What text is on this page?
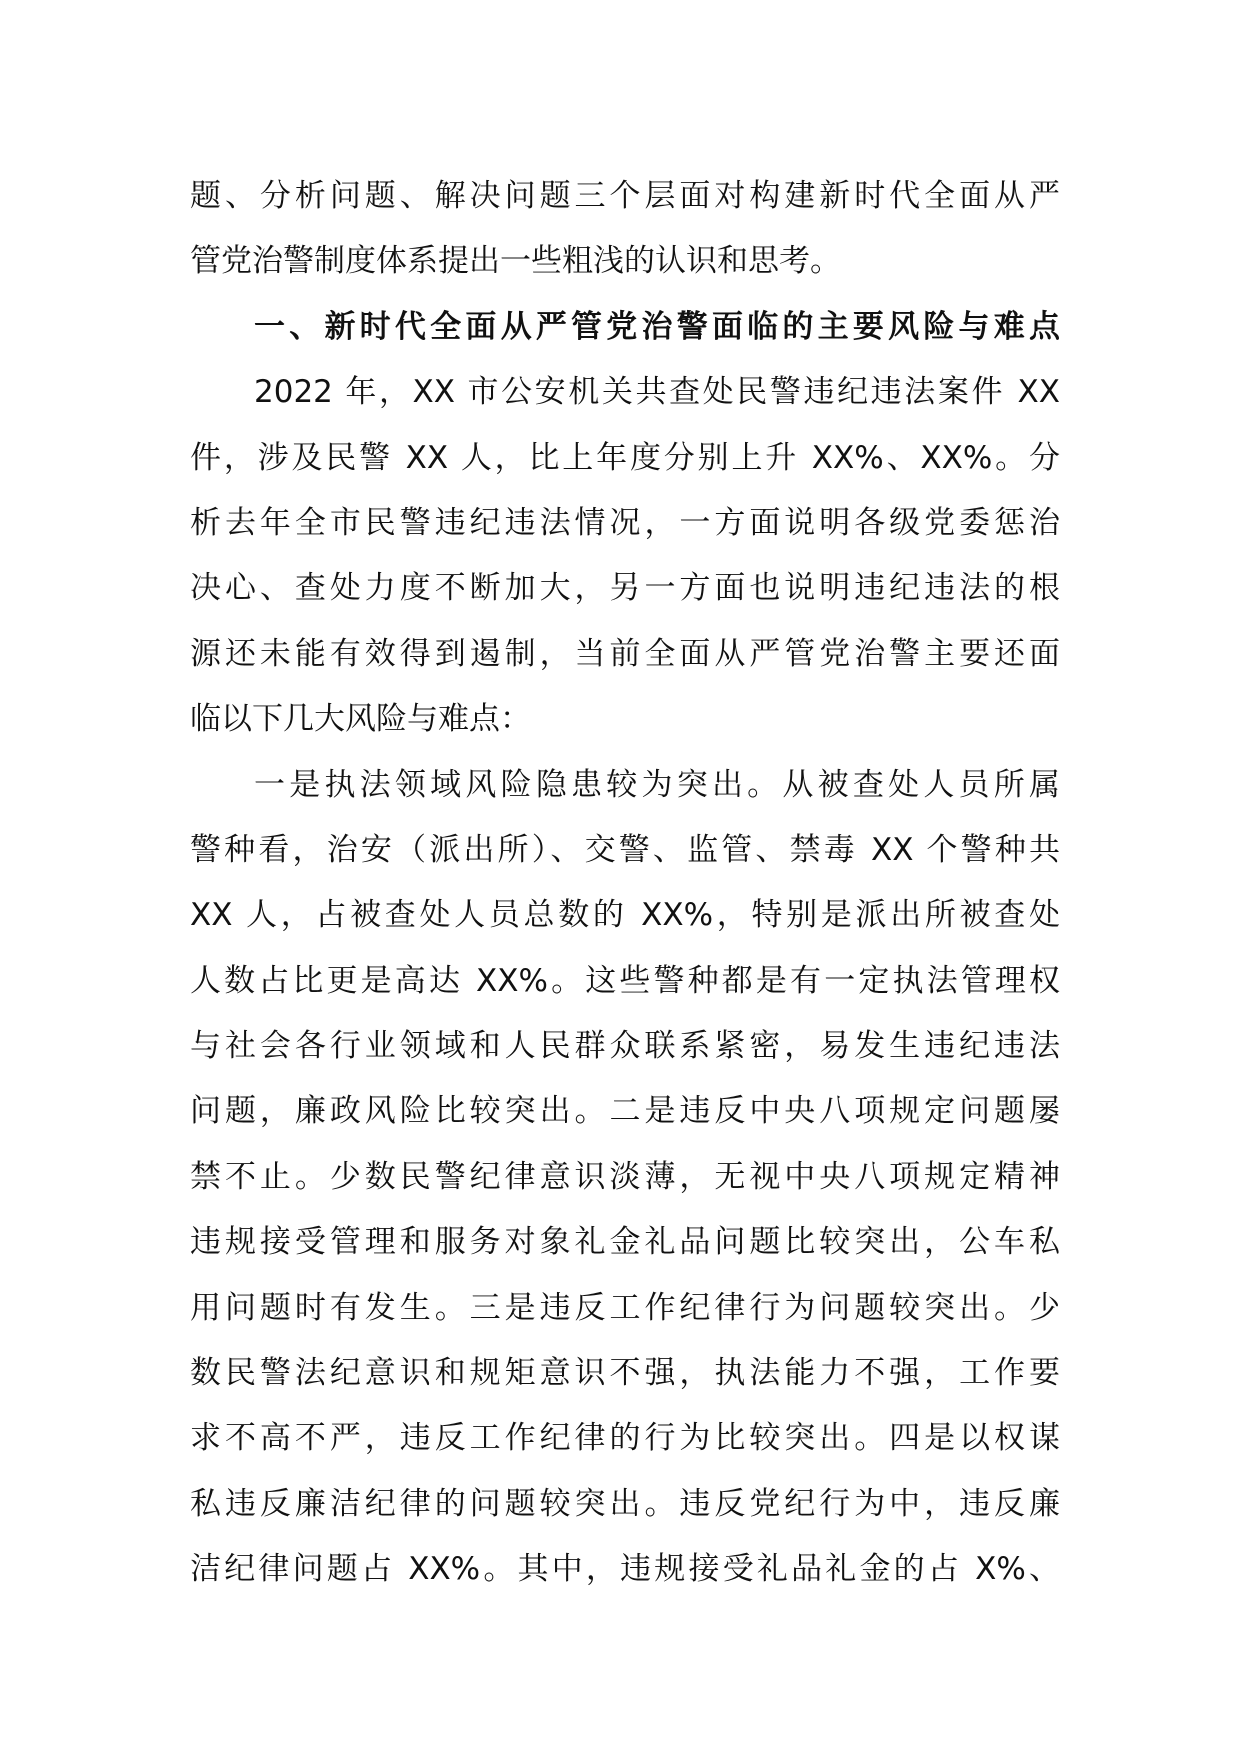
题、分析问题、解决问题三个层面对构建新时代全面从严
管党治警制度体系提出一些粗浅的认识和思考。
一、新时代全面从严管党治警面临的主要风险与难点
2022 年，XX 市公安机关共查处民警违纪违法案件 XX
件，涉及民警 XX 人，比上年度分别上升 XX%、XX%。分
析去年全市民警违纪违法情况，一方面说明各级党委惩治
决心、查处力度不断加大，另一方面也说明违纪违法的根
源还未能有效得到遏制，当前全面从严管党治警主要还面
临以下几大风险与难点：
一是执法领域风险隐患较为突出。从被查处人员所属
警种看，治安（派出所）、交警、监管、禁毒 XX 个警种共
XX 人，占被查处人员总数的 XX%，特别是派出所被查处
人数占比更是高达 XX%。这些警种都是有一定执法管理权
与社会各行业领域和人民群众联系紧密，易发生违纪违法
问题，廉政风险比较突出。二是违反中央八项规定问题屡
禁不止。少数民警纪律意识淡薄，无视中央八项规定精神
违规接受管理和服务对象礼金礼品问题比较突出，公车私
用问题时有发生。三是违反工作纪律行为问题较突出。少
数民警法纪意识和规矩意识不强，执法能力不强，工作要
求不高不严，违反工作纪律的行为比较突出。四是以权谋
私违反廉洁纪律的问题较突出。违反党纪行为中，违反廉
洁纪律问题占 XX%。其中，违规接受礼品礼金的占 X%、
